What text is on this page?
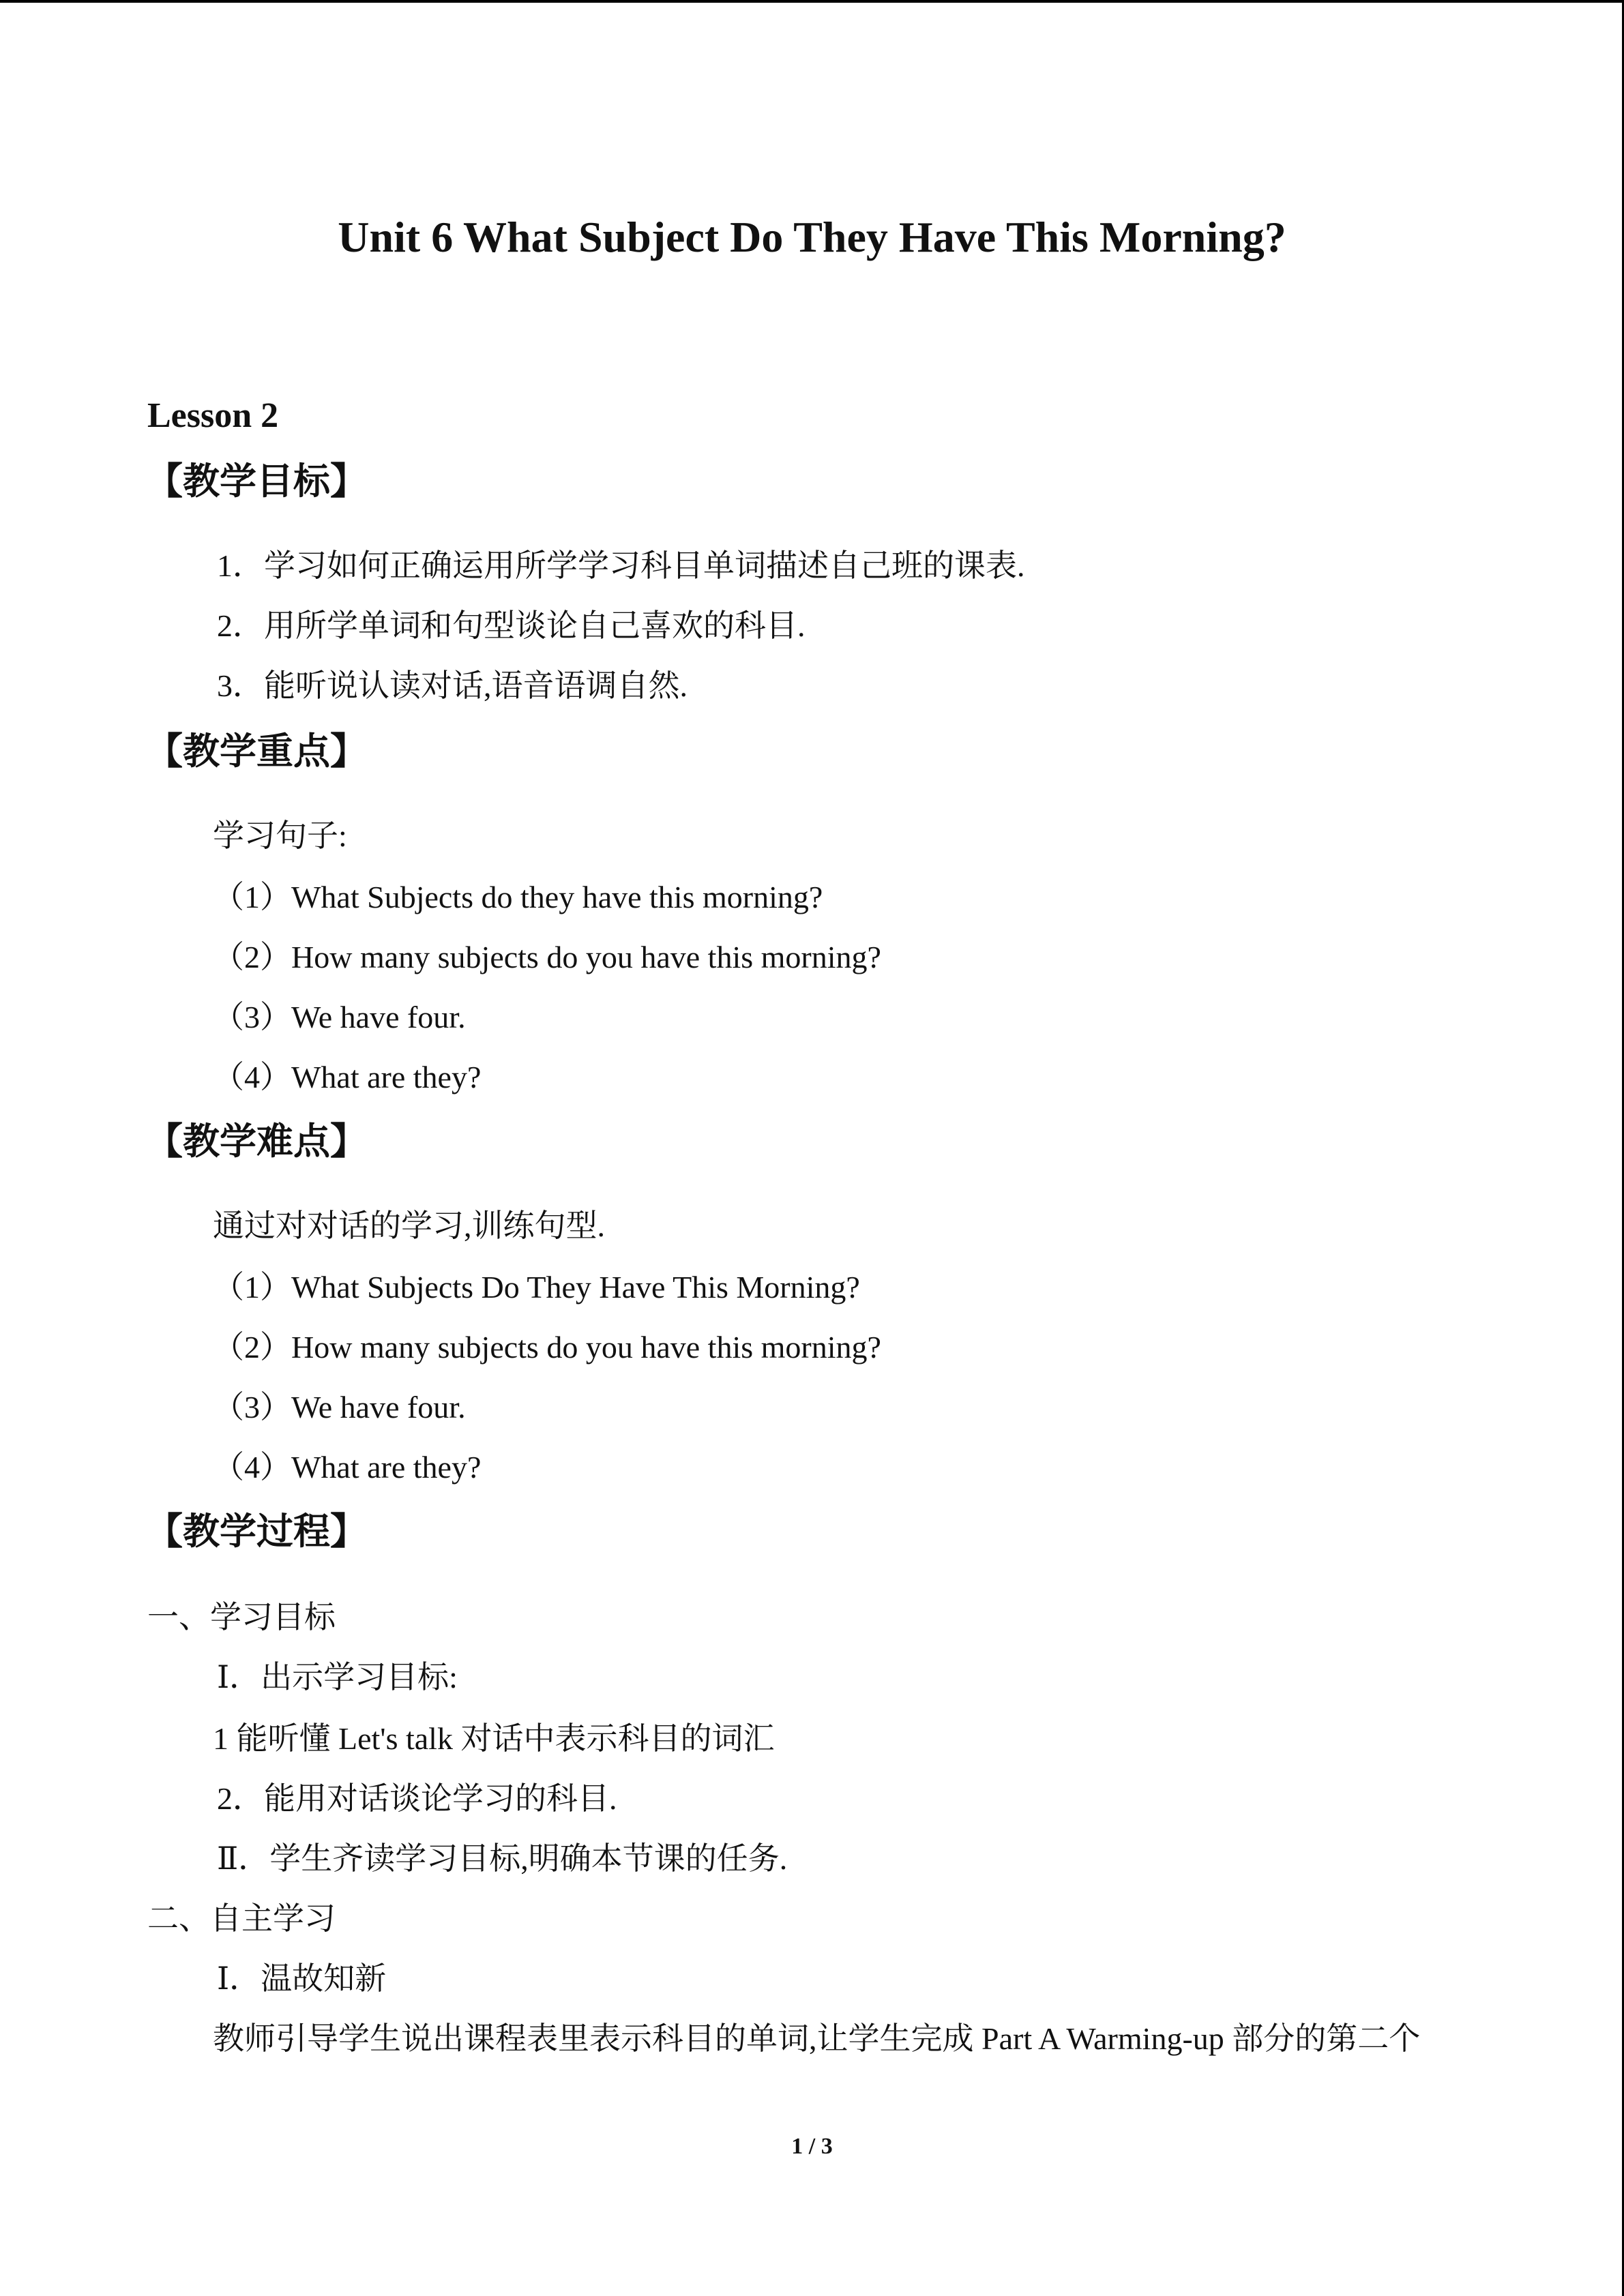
Unit 6 What Subject Do They Have This Morning?
Lesson 2
【教学目标】
1．学习如何正确运用所学学习科目单词描述自己班的课表.
2．用所学单词和句型谈论自己喜欢的科目.
3．能听说认读对话,语音语调自然.
【教学重点】
学习句子:
（1）What Subjects do they have this morning?
（2）How many subjects do you have this morning?
（3）We have four.
（4）What are they?
【教学难点】
通过对对话的学习,训练句型.
（1）What Subjects Do They Have This Morning?
（2）How many subjects do you have this morning?
（3）We have four.
（4）What are they?
【教学过程】
一、学习目标
Ⅰ．出示学习目标:
1 能听懂 Let's talk 对话中表示科目的词汇
2．能用对话谈论学习的科目.
Ⅱ．学生齐读学习目标,明确本节课的任务.
二、自主学习
Ⅰ．温故知新
教师引导学生说出课程表里表示科目的单词,让学生完成 Part A Warming-up 部分的第二个
1 / 3
